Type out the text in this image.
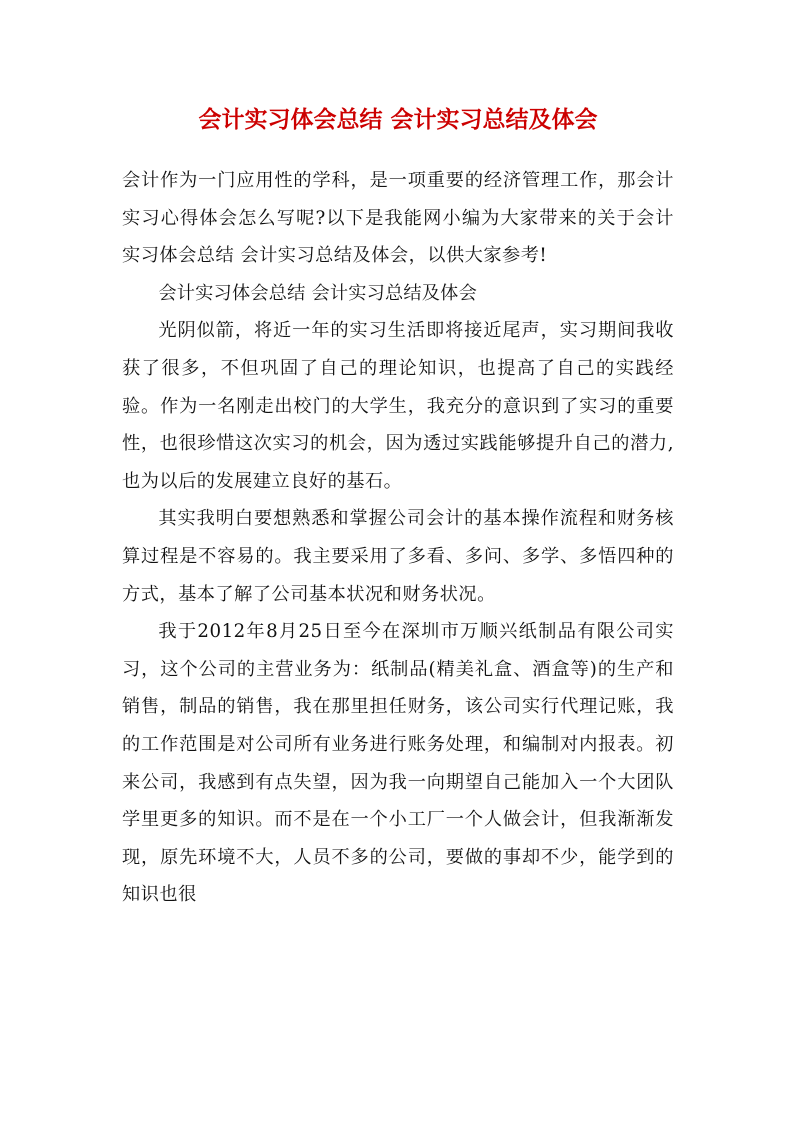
会计实习体会总结 会计实习总结及体会

会计作为一门应用性的学科，是一项重要的经济管理工作，那会计实习心得体会怎么写呢?以下是我能网小编为大家带来的关于会计实习体会总结 会计实习总结及体会，以供大家参考!

会计实习体会总结 会计实习总结及体会

光阴似箭，将近一年的实习生活即将接近尾声，实习期间我收获了很多，不但巩固了自己的理论知识，也提高了自己的实践经验。作为一名刚走出校门的大学生，我充分的意识到了实习的重要性，也很珍惜这次实习的机会，因为透过实践能够提升自己的潜力,也为以后的发展建立良好的基石。

其实我明白要想熟悉和掌握公司会计的基本操作流程和财务核算过程是不容易的。我主要采用了多看、多问、多学、多悟四种的方式，基本了解了公司基本状况和财务状况。

我于2012年8月25日至今在深圳市万顺兴纸制品有限公司实习，这个公司的主营业务为：纸制品(精美礼盒、酒盒等)的生产和销售，制品的销售，我在那里担任财务，该公司实行代理记账，我的工作范围是对公司所有业务进行账务处理，和编制对内报表。初来公司，我感到有点失望，因为我一向期望自己能加入一个大团队学里更多的知识。而不是在一个小工厂一个人做会计，但我渐渐发现，原先环境不大，人员不多的公司，要做的事却不少，能学到的知识也很
